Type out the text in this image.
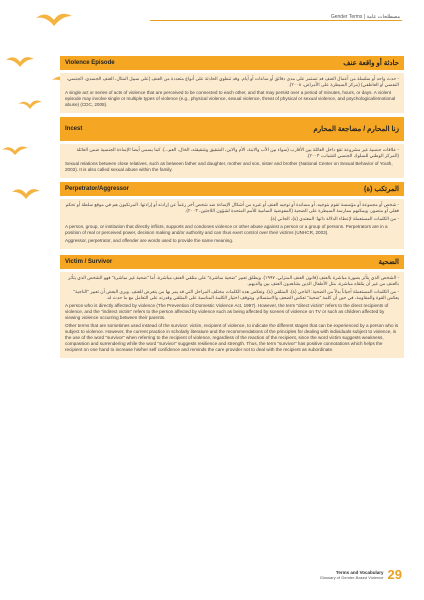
Gender Terms | مصطلحات عامة
Violence Episode	حادثة أو واقعة عنف

- حدث واحد أو سلسلة من أعمال العنف قد تستمر على مدى دقائق أو ساعات أو أيام. وقد تنطوي الحادثة على أنواع متعددة من العنف (على سبيل المثال، العنف الجسدي، الجنسي، النفسي أو العاطفي) (مركز السيطرة على الأمراض، ٢٠٠٨).

A single act or series of acts of violence that are perceived to be connected to each other, and that may persist over a period of minutes, hours, or days. A violent episode may involve single or multiple types of violence (e.g., physical violence, sexual violence, threat of physical or sexual violence, and psychological/emotional abuse) (CDC, 2008).

Incest	زنا المحارم / مضاجعة المحارم

- علاقات جنسية غير مشروعة تقع داخل العائلة بين الأقارب (سواء بين الأب والابنة، الأم والابن، الشقيق وشقيقته، الخال، العم...). كما يسمى أيضا الإساءة الجنسية ضمن العائلة (المركز الوطني للسلوك الجنسي للشباب، ٢٠٠٣).

Sexual relations between close relatives, such as between father and daughter, mother and son, sister and brother (National Center on Sexual Behavior of Youth, 2003). It is also called sexual abuse within the family.

Perpetrator/Aggressor	المرتكب (ة)

- شخص أو مجموعة أو مؤسسة تقوم بتوجيه، أو مساندة أو توجيه العنف أو غيره من أشكال الإساءة ضد شخص آخر رغماً عن إرادته أو إرادتها. المرتكبون هم في موقع سلطة أو تحكم فعلي أو متصور، ويمكنهم ممارسة السيطرة على الضحية (المفوضية السامية للأمم المتحدة لشؤون اللاجئين، ٢٠٠٣).

- من الكلمات المستعملة لإعطاء الدلالة ذاتها: المعتدي (ة)، الجاني (ة).

A person, group, or institution that directly inflicts, supports and condones violence or other abuse against a person or a group of persons. Perpetrators are in a position of real or perceived power, decision making and/or authority and can thus exert control over their victims (UNHCR, 2003).

Aggressor, perpetrator, and offender are words used to provide the same meaning.

Victim / Survivor	الضحية

- الشخص الذي يتأثر بصورة مباشرة بالعنف (قانون العنف المنزلي، ١٩٩٧). ويطلق تعبير "ضحية مباشرة" على متلقي العنف مباشرة، أما "ضحية غير مباشرة" فهو الشخص الذي يتأثر بالعنف من غير أن يتلقاه مباشرة، مثل الأطفال الذين يشاهدون العنف بين والديهم.

- من الكلمات المستعملة أحياناً بدلاً من الضحية: الناجي (ة)، المتلقي (ة). وتعكس هذه الكلمات مختلف المراحل التي قد يمر بها من يتعرض للعنف. ويرى البعض أن تعبير "الناجية" يعكس القوة والمقاومة، في حين أن كلمة "ضحية" تعكس الضعف والاستسلام. ويتوقف اختيار الكلمة المناسبة على المتلقي وقدرته على التعامل مع ما حدث له.

A person who is directly affected by violence (The Prevention of Domestic Violence Act, 1997). However, the term "direct victim" refers to the direct recipients of violence, and the "indirect victim" refers to the person affected by violence such as being affected by scenes of violence on TV or such as children affected by viewing violence occurring between their parents.

Other terms that are sometimes used instead of the survivor: victim, recipient of violence, to indicate the different stages that can be experienced by a person who is subject to violence. However, the current practice in scholarly literature and the recommendations of the principles for dealing with individuals subject to violence, is the use of the word "survivor" when referring to the recipient of violence, regardless of the reaction of the recipient, since the word victim suggests weakness, compassion and surrendering while the word "survivor" suggests resilience and strength. Thus, the term "survivor" has positive connotations which helps the recipient on one hand to increase his/her self confidence and reminds the care provider not to deal with the recipient as subordinate.

Terms and Vocabulary
Glossary of Gender-Based Violence 29
